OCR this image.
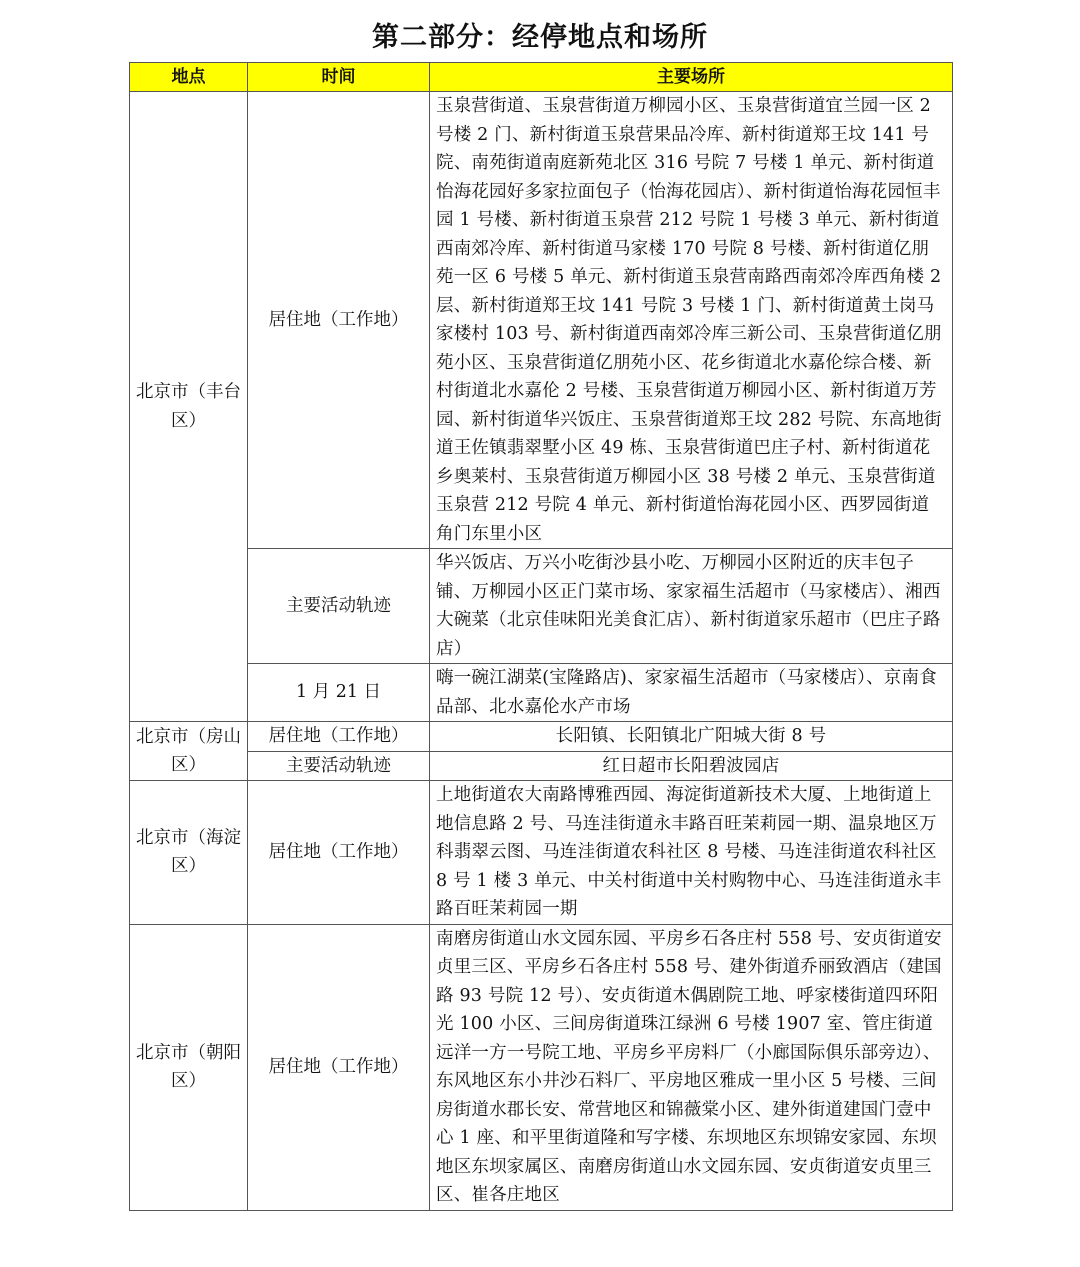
第二部分：经停地点和场所
地点	时间	主要场所
北京市（丰台区）	居住地（工作地）	玉泉营街道、玉泉营街道万柳园小区、玉泉营街道宜兰园一区 2 号楼 2 门、新村街道玉泉营果品冷库、新村街道郑王坟 141 号院、南苑街道南庭新苑北区 316 号院 7 号楼 1 单元、新村街道怡海花园好多家拉面包子（怡海花园店）、新村街道怡海花园恒丰园 1 号楼、新村街道玉泉营 212 号院 1 号楼 3 单元、新村街道西南郊冷库、新村街道马家楼 170 号院 8 号楼、新村街道亿朋苑一区 6 号楼 5 单元、新村街道玉泉营南路西南郊冷库西角楼 2 层、新村街道郑王坟 141 号院 3 号楼 1 门、新村街道黄土岗马家楼村 103 号、新村街道西南郊冷库三新公司、玉泉营街道亿朋苑小区、玉泉营街道亿朋苑小区、花乡街道北水嘉伦综合楼、新村街道北水嘉伦 2 号楼、玉泉营街道万柳园小区、新村街道万芳园、新村街道华兴饭庄、玉泉营街道郑王坟 282 号院、东高地街道王佐镇翡翠墅小区 49 栋、玉泉营街道巴庄子村、新村街道花乡奥莱村、玉泉营街道万柳园小区 38 号楼 2 单元、玉泉营街道玉泉营 212 号院 4 单元、新村街道怡海花园小区、西罗园街道角门东里小区
	主要活动轨迹	华兴饭店、万兴小吃街沙县小吃、万柳园小区附近的庆丰包子铺、万柳园小区正门菜市场、家家福生活超市（马家楼店）、湘西大碗菜（北京佳味阳光美食汇店）、新村街道家乐超市（巴庄子路店）
	1 月 21 日	嗨一碗江湖菜(宝隆路店)、家家福生活超市（马家楼店）、京南食品部、北水嘉伦水产市场
北京市（房山区）	居住地（工作地）	长阳镇、长阳镇北广阳城大街 8 号
	主要活动轨迹	红日超市长阳碧波园店
北京市（海淀区）	居住地（工作地）	上地街道农大南路博雅西园、海淀街道新技术大厦、上地街道上地信息路 2 号、马连洼街道永丰路百旺茉莉园一期、温泉地区万科翡翠云图、马连洼街道农科社区 8 号楼、马连洼街道农科社区 8 号 1 楼 3 单元、中关村街道中关村购物中心、马连洼街道永丰路百旺茉莉园一期
北京市（朝阳区）	居住地（工作地）	南磨房街道山水文园东园、平房乡石各庄村 558 号、安贞街道安贞里三区、平房乡石各庄村 558 号、建外街道乔丽致酒店（建国路 93 号院 12 号）、安贞街道木偶剧院工地、呼家楼街道四环阳光 100 小区、三间房街道珠江绿洲 6 号楼 1907 室、管庄街道远洋一方一号院工地、平房乡平房料厂（小廊国际俱乐部旁边）、 东风地区东小井沙石料厂、平房地区雅成一里小区 5 号楼、三间房街道水郡长安、常营地区和锦薇棠小区、建外街道建国门壹中心 1 座、和平里街道隆和写字楼、东坝地区东坝锦安家园、东坝地区东坝家属区、南磨房街道山水文园东园、安贞街道安贞里三区、崔各庄地区
